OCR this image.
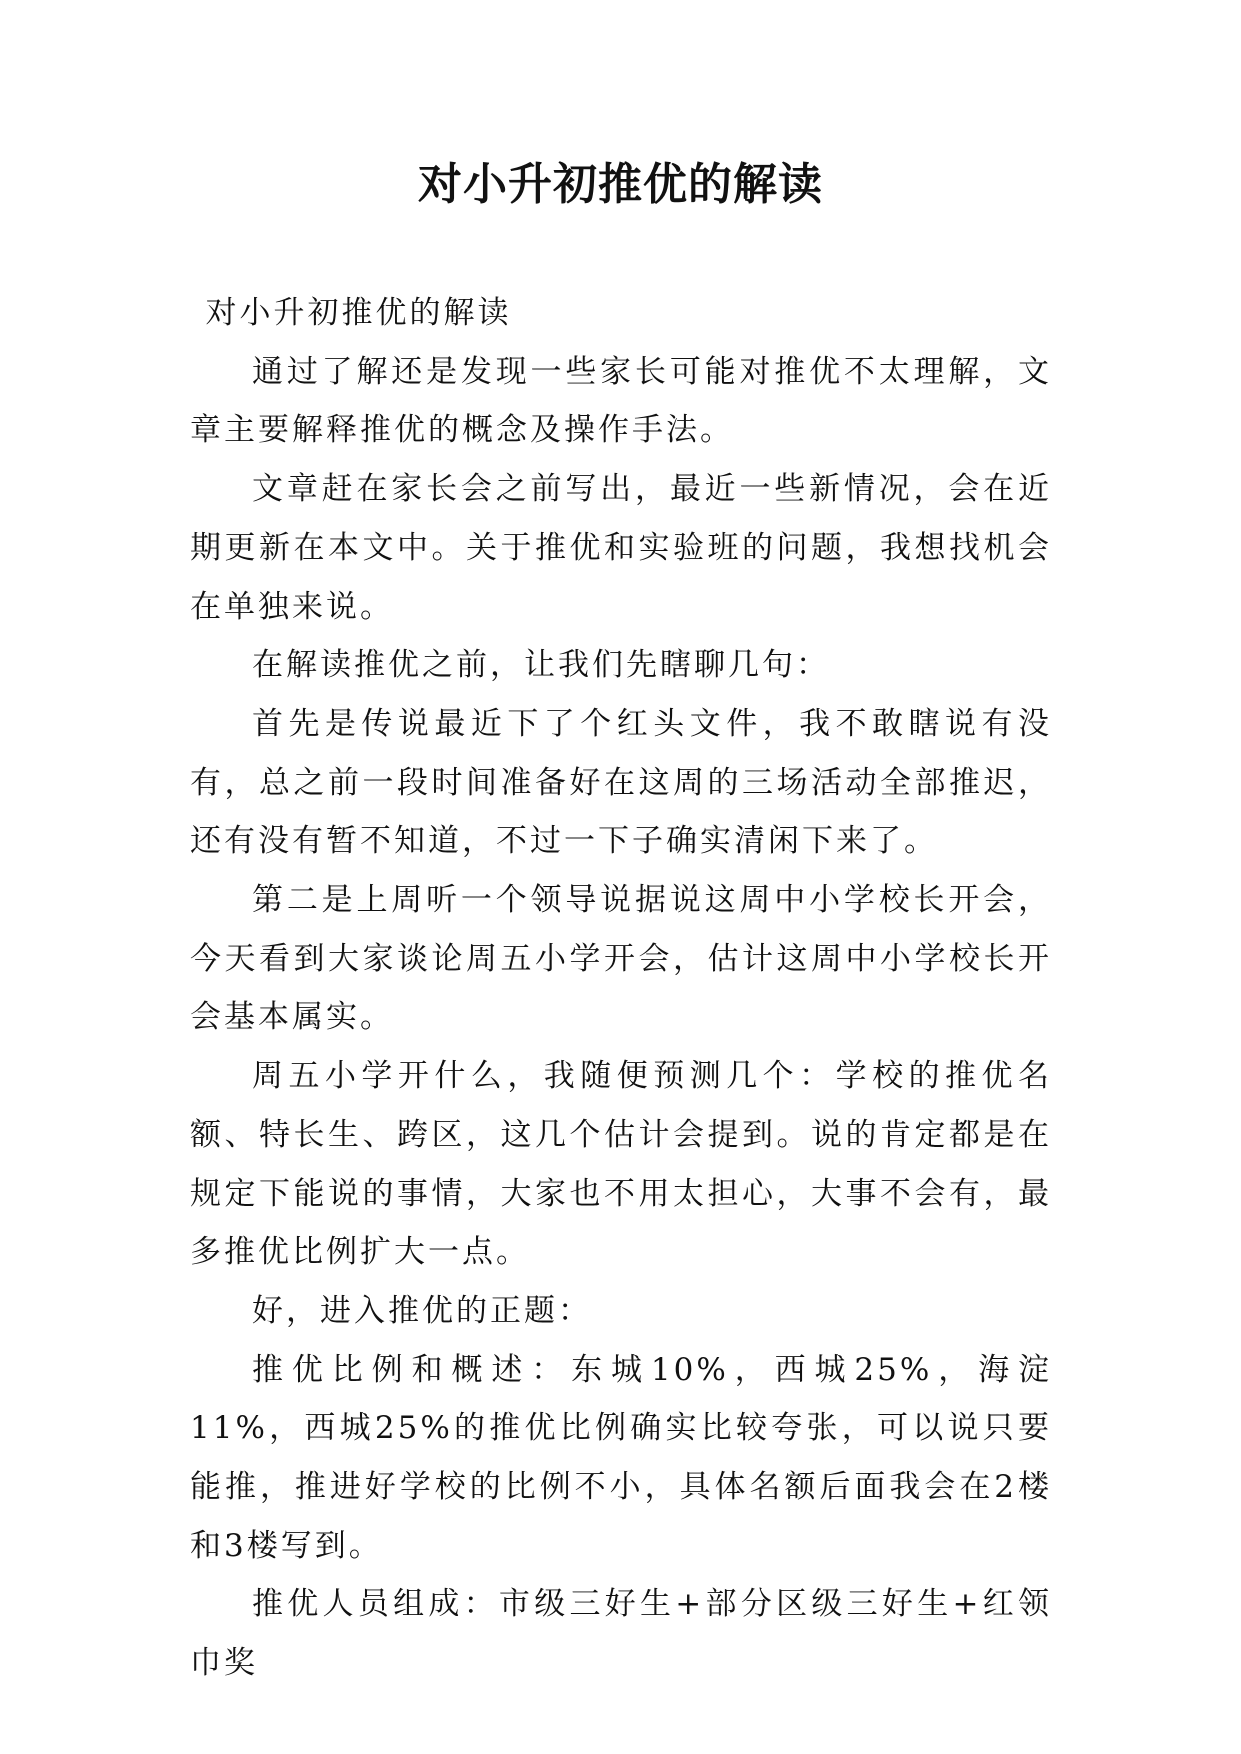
对小升初推优的解读

对小升初推优的解读

通过了解还是发现一些家长可能对推优不太理解，文章主要解释推优的概念及操作手法。

文章赶在家长会之前写出，最近一些新情况，会在近期更新在本文中。关于推优和实验班的问题，我想找机会在单独来说。

在解读推优之前，让我们先瞎聊几句：

首先是传说最近下了个红头文件，我不敢瞎说有没有，总之前一段时间准备好在这周的三场活动全部推迟，还有没有暂不知道，不过一下子确实清闲下来了。

第二是上周听一个领导说据说这周中小学校长开会，今天看到大家谈论周五小学开会，估计这周中小学校长开会基本属实。

周五小学开什么，我随便预测几个：学校的推优名额、特长生、跨区，这几个估计会提到。说的肯定都是在规定下能说的事情，大家也不用太担心，大事不会有，最多推优比例扩大一点。

好，进入推优的正题：

推优比例和概述：东城10%，西城25%，海淀11%，西城25%的推优比例确实比较夸张，可以说只要能推，推进好学校的比例不小，具体名额后面我会在2楼和3楼写到。

推优人员组成：市级三好生+部分区级三好生+红领巾奖
